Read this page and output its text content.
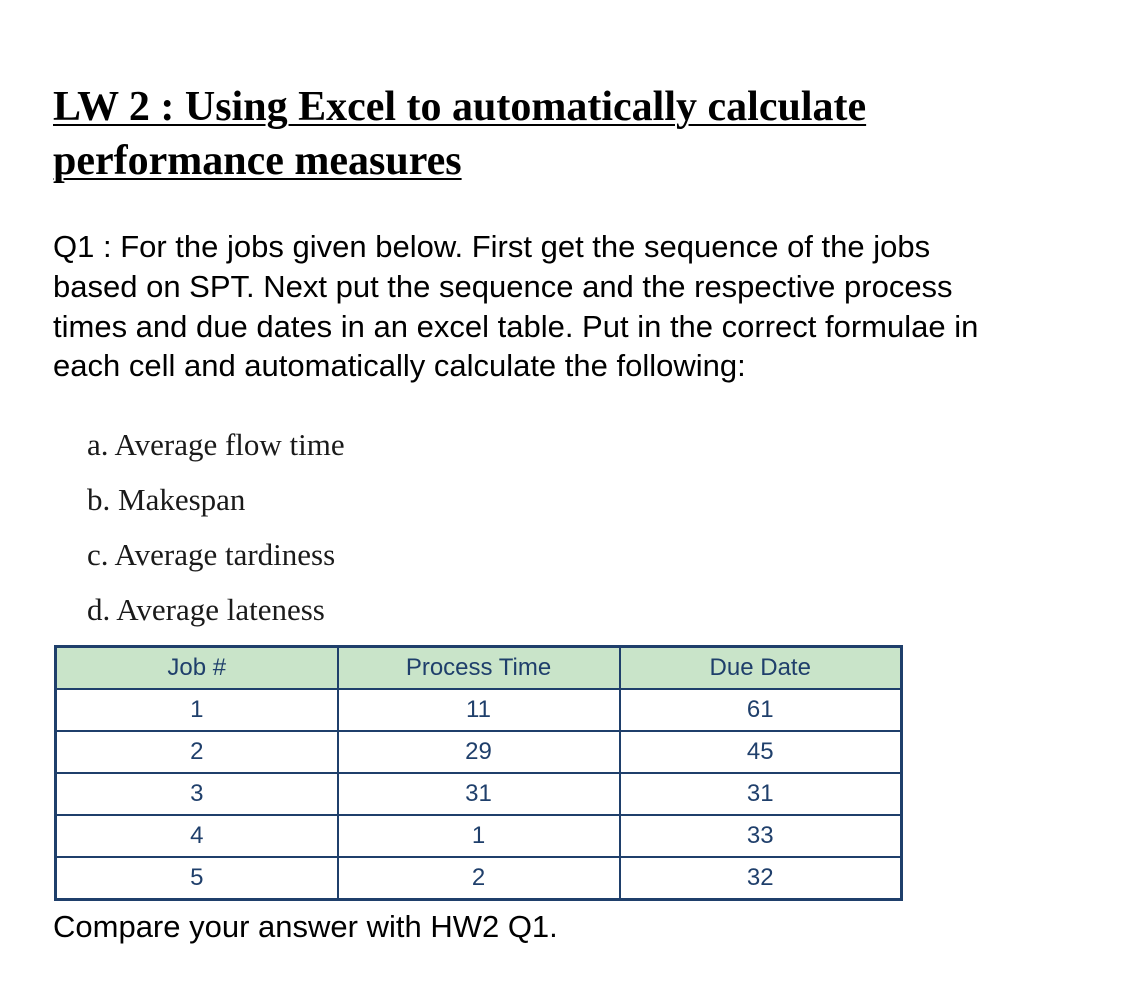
LW 2 : Using Excel to automatically calculate performance measures

Q1 : For the jobs given below. First get the sequence of the jobs based on SPT. Next put the sequence and the respective process times and due dates in an excel table. Put in the correct formulae in each cell and automatically calculate the following:

a. Average flow time
b. Makespan
c. Average tardiness
d. Average lateness
Job #	Process Time	Due Date
1	11	61
2	29	45
3	31	31
4	1	33
5	2	32

Compare your answer with HW2 Q1.
